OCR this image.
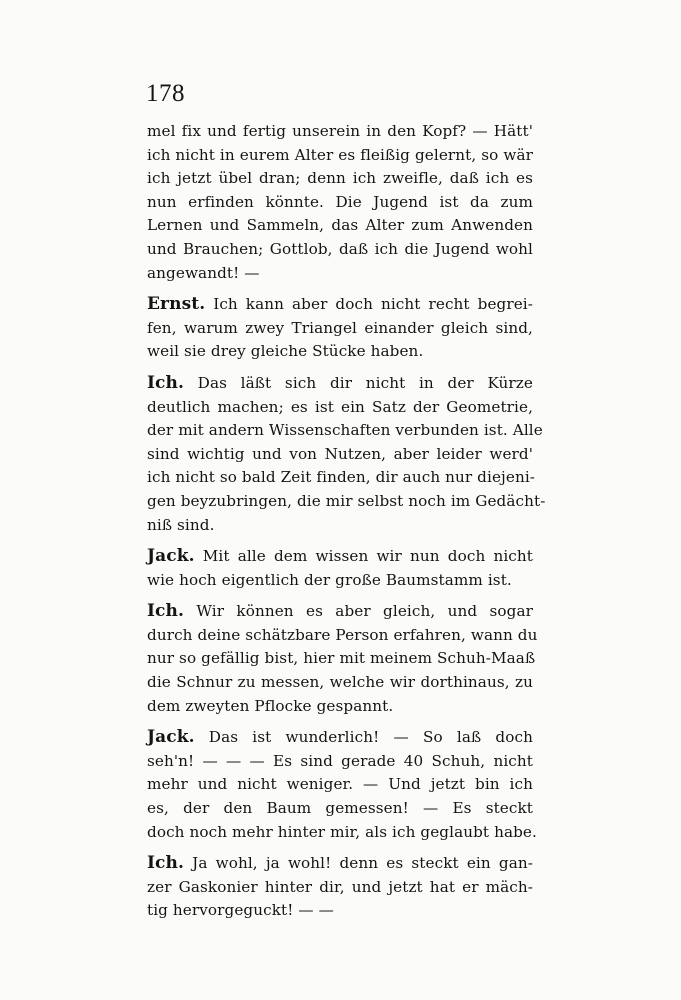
178
mel fix und fertig unserein in den Kopf? — Hätt'
ich nicht in eurem Alter es fleißig gelernt, so wär
ich jetzt übel dran; denn ich zweifle, daß ich es
nun erfinden könnte. Die Jugend ist da zum
Lernen und Sammeln, das Alter zum Anwenden
und Brauchen; Gottlob, daß ich die Jugend wohl
angewandt! —
Ernst. Ich kann aber doch nicht recht begrei-
fen, warum zwey Triangel einander gleich sind,
weil sie drey gleiche Stücke haben.
Ich. Das läßt sich dir nicht in der Kürze
deutlich machen; es ist ein Satz der Geometrie,
der mit andern Wissenschaften verbunden ist. Alle
sind wichtig und von Nutzen, aber leider werd'
ich nicht so bald Zeit finden, dir auch nur diejeni-
gen beyzubringen, die mir selbst noch im Gedächt-
niß sind.
Jack. Mit alle dem wissen wir nun doch nicht
wie hoch eigentlich der große Baumstamm ist.
Ich. Wir können es aber gleich, und sogar
durch deine schätzbare Person erfahren, wann du
nur so gefällig bist, hier mit meinem Schuh-Maaß
die Schnur zu messen, welche wir dorthinaus, zu
dem zweyten Pflocke gespannt.
Jack. Das ist wunderlich! — So laß doch
seh'n! — — — Es sind gerade 40 Schuh, nicht
mehr und nicht weniger. — Und jetzt bin ich
es, der den Baum gemessen! — Es steckt
doch noch mehr hinter mir, als ich geglaubt habe.
Ich. Ja wohl, ja wohl! denn es steckt ein gan-
zer Gaskonier hinter dir, und jetzt hat er mäch-
tig hervorgeguckt! — —
